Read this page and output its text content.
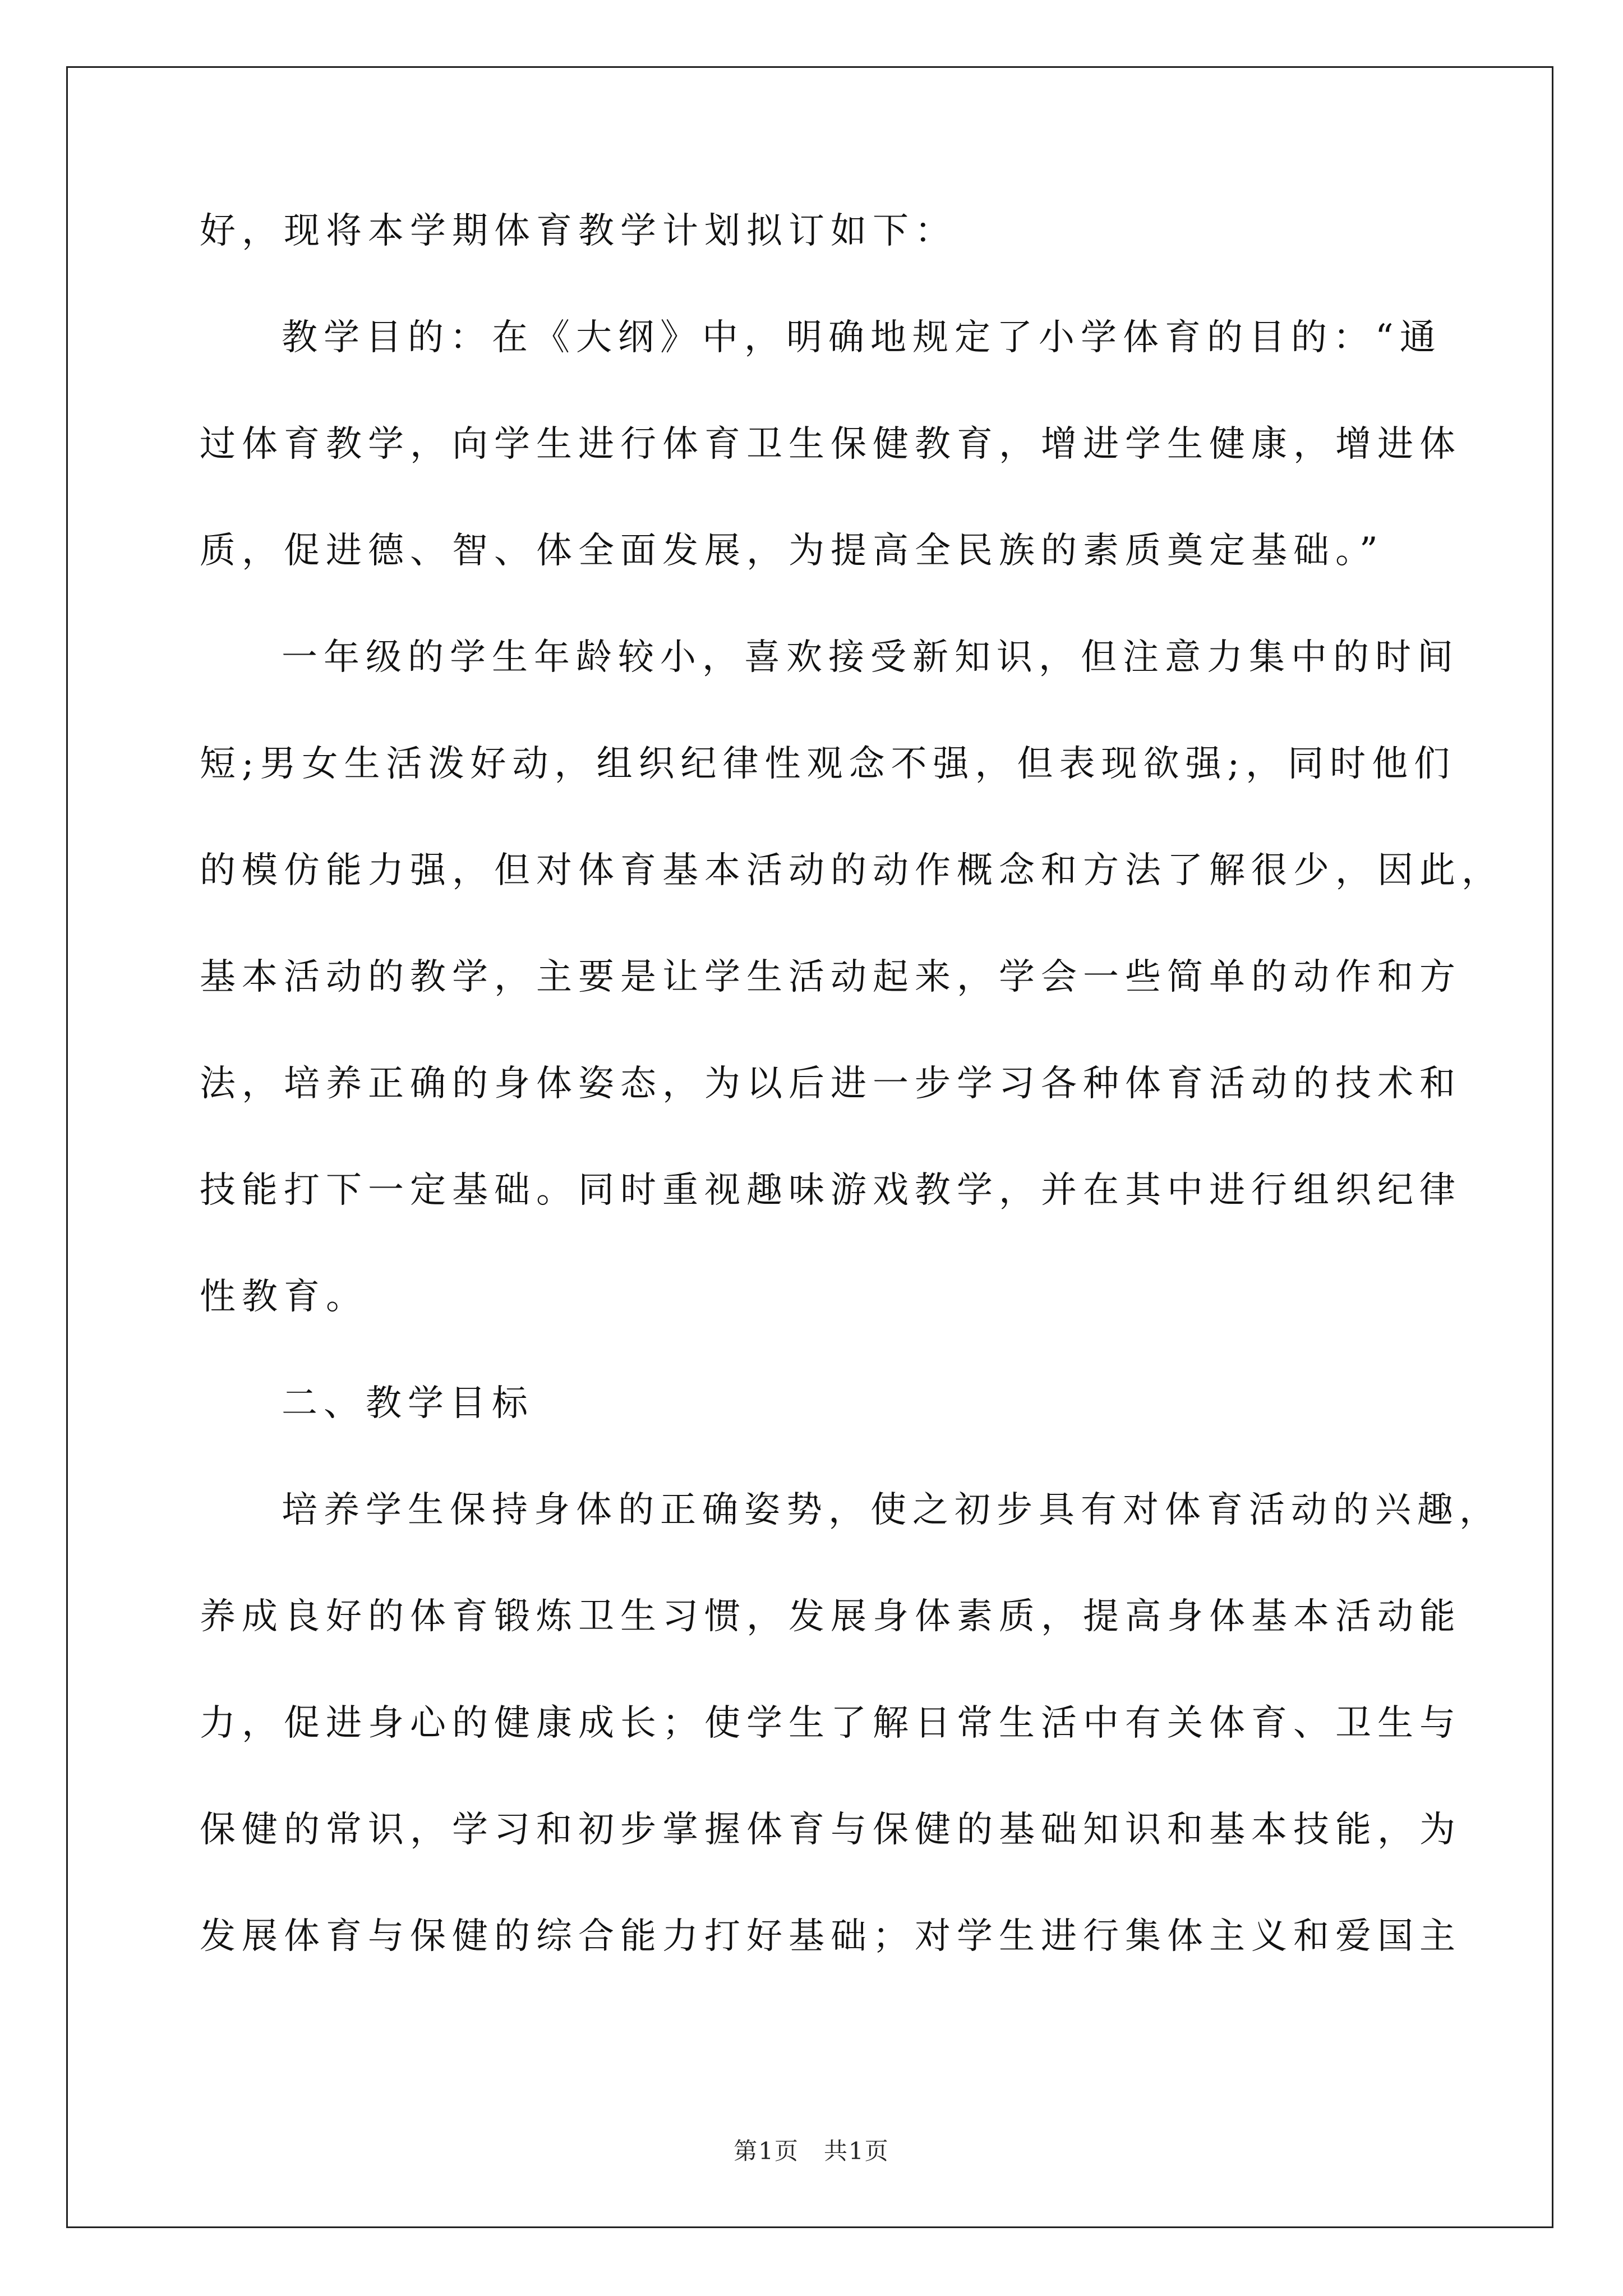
好，现将本学期体育教学计划拟订如下：
教学目的：在《大纲》中，明确地规定了小学体育的目的：“通
过体育教学，向学生进行体育卫生保健教育，增进学生健康，增进体
质，促进德、智、体全面发展，为提高全民族的素质奠定基础。”
一年级的学生年龄较小，喜欢接受新知识，但注意力集中的时间
短;男女生活泼好动，组织纪律性观念不强，但表现欲强;，同时他们
的模仿能力强，但对体育基本活动的动作概念和方法了解很少，因此，
基本活动的教学，主要是让学生活动起来，学会一些简单的动作和方
法，培养正确的身体姿态，为以后进一步学习各种体育活动的技术和
技能打下一定基础。同时重视趣味游戏教学，并在其中进行组织纪律
性教育。
二、教学目标
培养学生保持身体的正确姿势，使之初步具有对体育活动的兴趣，
养成良好的体育锻炼卫生习惯，发展身体素质，提高身体基本活动能
力，促进身心的健康成长；使学生了解日常生活中有关体育、卫生与
保健的常识，学习和初步掌握体育与保健的基础知识和基本技能，为
发展体育与保健的综合能力打好基础；对学生进行集体主义和爱国主
第1页　共1页
